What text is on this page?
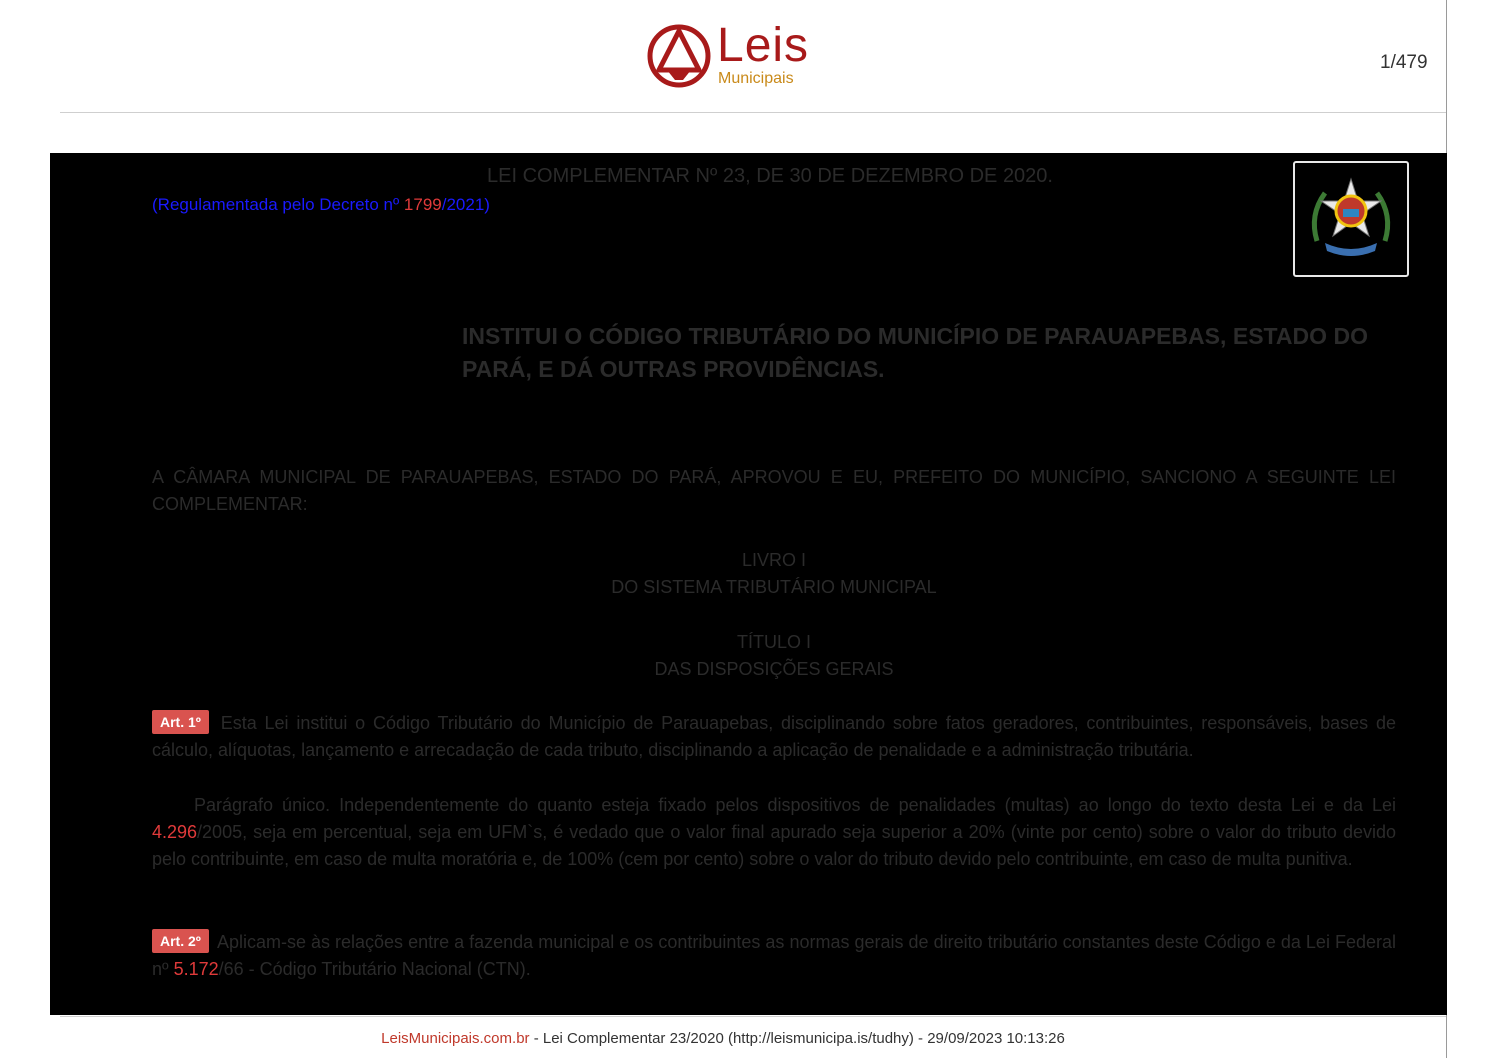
Leis
Municipais
1/479
LEI COMPLEMENTAR Nº 23, DE 30 DE DEZEMBRO DE 2020.
(Regulamentada pelo Decreto nº 1799/2021)
INSTITUI O CÓDIGO TRIBUTÁRIO DO MUNICÍPIO DE PARAUAPEBAS, ESTADO DO PARÁ, E DÁ OUTRAS PROVIDÊNCIAS.
A CÂMARA MUNICIPAL DE PARAUAPEBAS, ESTADO DO PARÁ, APROVOU E EU, PREFEITO DO MUNICÍPIO, SANCIONO A SEGUINTE LEI COMPLEMENTAR:
LIVRO I
DO SISTEMA TRIBUTÁRIO MUNICIPAL
TÍTULO I
DAS DISPOSIÇÕES GERAIS
Art. 1º Esta Lei institui o Código Tributário do Município de Parauapebas, disciplinando sobre fatos geradores, contribuintes, responsáveis, bases de cálculo, alíquotas, lançamento e arrecadação de cada tributo, disciplinando a aplicação de penalidade e a administração tributária.
Parágrafo único. Independentemente do quanto esteja fixado pelos dispositivos de penalidades (multas) ao longo do texto desta Lei e da Lei 4.296/2005, seja em percentual, seja em UFM`s, é vedado que o valor final apurado seja superior a 20% (vinte por cento) sobre o valor do tributo devido pelo contribuinte, em caso de multa moratória e, de 100% (cem por cento) sobre o valor do tributo devido pelo contribuinte, em caso de multa punitiva.
Art. 2º Aplicam-se às relações entre a fazenda municipal e os contribuintes as normas gerais de direito tributário constantes deste Código e da Lei Federal nº 5.172/66 - Código Tributário Nacional (CTN).
LeisMunicipais.com.br - Lei Complementar 23/2020 (http://leismunicipa.is/tudhy) - 29/09/2023 10:13:26
